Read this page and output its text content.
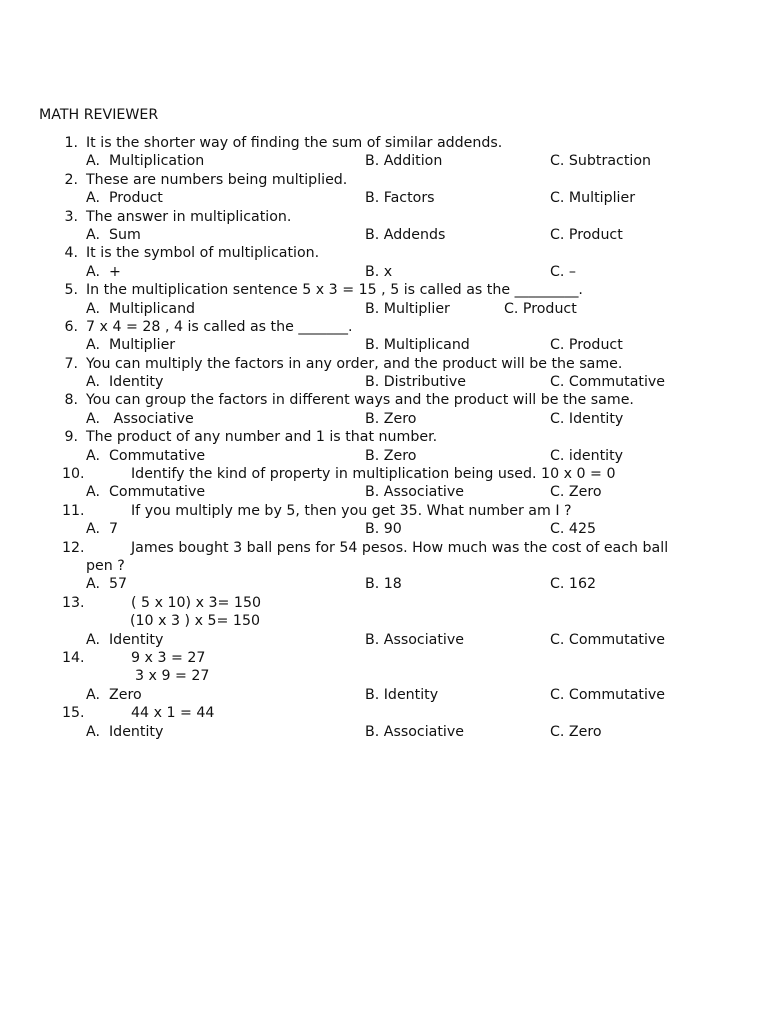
MATH REVIEWER
1. It is the shorter way of finding the sum of similar addends.
A. Multiplication	B. Addition	C. Subtraction
2. These are numbers being multiplied.
A. Product	B. Factors	C. Multiplier
3. The answer in multiplication.
A. Sum	B. Addends	C. Product
4. It is the symbol of multiplication.
A. +	B. x	C. –
5. In the multiplication sentence 5 x 3 = 15 , 5 is called as the _________.
A. Multiplicand	B. Multiplier	C. Product
6. 7 x 4 = 28 , 4 is called as the _______.
A. Multiplier	B. Multiplicand	C. Product
7. You can multiply the factors in any order, and the product will be the same.
A. Identity	B. Distributive	C. Commutative
8. You can group the factors in different ways and the product will be the same.
A. Associative	B. Zero	C. Identity
9. The product of any number and 1 is that number.
A. Commutative	B. Zero	C. identity
10.	Identify the kind of property in multiplication being used. 10 x 0 = 0
A. Commutative	B. Associative	C. Zero
11.	If you multiply me by 5, then you get 35. What number am I ?
A. 7	B. 90	C. 425
12.	James bought 3 ball pens for 54 pesos. How much was the cost of each ball
pen ?
A. 57	B. 18	C. 162
13.	( 5 x 10) x 3= 150
(10 x 3 ) x 5= 150
A. Identity	B. Associative	C. Commutative
14.	9 x 3 = 27
3 x 9 = 27
A. Zero	B. Identity	C. Commutative
15.	44 x 1 = 44
A. Identity	B. Associative	C. Zero
